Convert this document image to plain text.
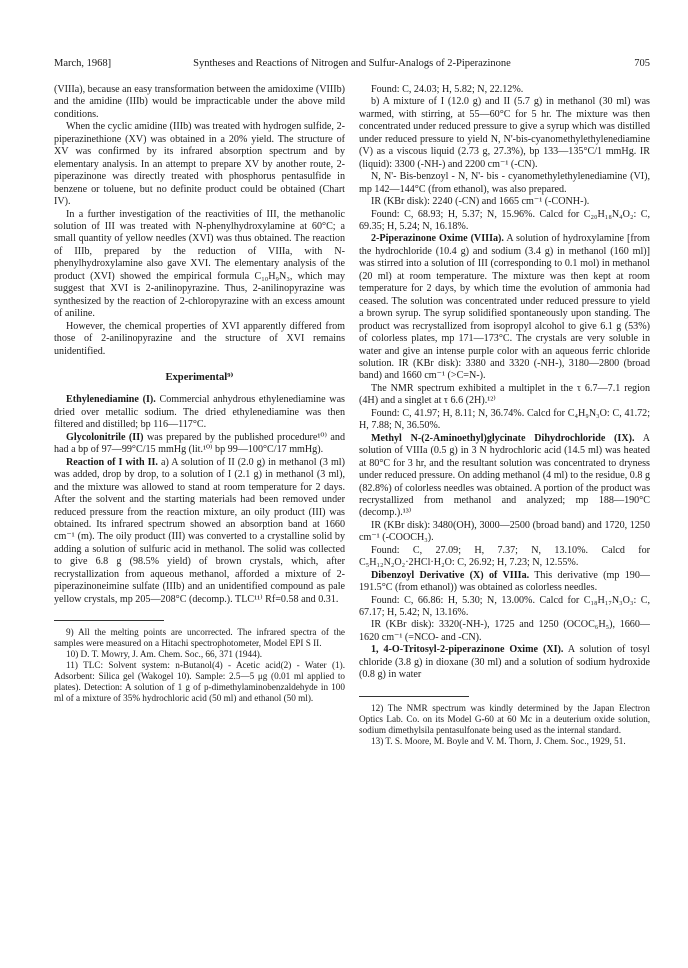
March, 1968]	Syntheses and Reactions of Nitrogen and Sulfur-Analogs of 2-Piperazinone	705

(VIIIa), because an easy transformation between the amidoxime (VIIIb) and the amidine (IIIb) would be impracticable under the above mild conditions.

When the cyclic amidine (IIIb) was treated with hydrogen sulfide, 2-piperazinethione (XV) was obtained in a 20% yield. The structure of XV was confirmed by its infrared absorption spectrum and by elementary analysis. In an attempt to prepare XV by another route, 2-piperazinone was directly treated with phosphorus pentasulfide in benzene or toluene, but no definite product could be obtained (Chart IV).

In a further investigation of the reactivities of III, the methanolic solution of III was treated with N-phenylhydroxylamine at 60°C; a small quantity of yellow needles (XVI) was thus obtained. The reaction of IIIb, prepared by the reduction of VIIIa, with N-phenylhydroxylamine also gave XVI. The elementary analysis of the product (XVI) showed the empirical formula C₁₀H₉N₃, which may suggest that XVI is 2-anilinopyrazine. Thus, 2-anilinopyrazine was synthesized by the reaction of 2-chloropyrazine with an excess amount of aniline.

However, the chemical properties of XVI apparently differed from those of 2-anilinopyrazine and the structure of XVI remains unidentified.

Experimental⁹⁾

Ethylenediamine (I). Commercial anhydrous ethylenediamine was dried over metallic sodium. The dried ethylenediamine was then filtered and distilled; bp 116—117°C.

Glycolonitrile (II) was prepared by the published procedure¹⁰⁾ and had a bp of 97—99°C/15 mmHg (lit.¹⁰⁾ bp 99—100°C/17 mmHg).

Reaction of I with II. a) A solution of II (2.0 g) in methanol (3 ml) was added, drop by drop, to a solution of I (2.1 g) in methanol (3 ml), and the mixture was allowed to stand at room temperature for 2 days. After the solvent and the starting materials had been removed under reduced pressure from the reaction mixture, an oily product (III) was obtained. Its infrared spectrum showed an absorption band at 1660 cm⁻¹ (m). The oily product (III) was converted to a crystalline solid by adding a solution of sulfuric acid in methanol. The solid was collected to give 6.8 g (98.5% yield) of brown crystals, which, after recrystallization from aqueous methanol, afforded a mixture of 2-piperazinoneimine sulfate (IIIb) and an unidentified compound as pale yellow crystals, mp 205—208°C (decomp.). TLC¹¹⁾ Rf=0.58 and 0.31.

9) All the melting points are uncorrected. The infrared spectra of the samples were measured on a Hitachi spectrophotometer, Model EPI S II.

10) D. T. Mowry, J. Am. Chem. Soc., 66, 371 (1944).

11) TLC: Solvent system: n-Butanol(4) - Acetic acid(2) - Water (1). Adsorbent: Silica gel (Wakogel 10). Sample: 2.5—5 μg (0.01 ml applied to plates). Detection: A solution of 1 g of p-dimethylaminobenzaldehyde in 100 ml of a mixture of 35% hydrochloric acid (50 ml) and ethanol (50 ml).

Found: C, 24.03; H, 5.82; N, 22.12%.

b) A mixture of I (12.0 g) and II (5.7 g) in methanol (30 ml) was warmed, with stirring, at 55—60°C for 5 hr. The mixture was then concentrated under reduced pressure to give a syrup which was distilled under reduced pressure to yield N, N'-bis-cyanomethylethylenediamine (V) as a viscous liquid (2.73 g, 27.3%), bp 133—135°C/1 mmHg. IR (liquid): 3300 (-NH-) and 2200 cm⁻¹ (-CN).

N, N'- Bis-benzoyl - N, N'- bis - cyanomethylethylenediamine (VI), mp 142—144°C (from ethanol), was also prepared.

IR (KBr disk): 2240 (-CN) and 1665 cm⁻¹ (-CONH-).

Found: C, 68.93; H, 5.37; N, 15.96%. Calcd for C₂₀H₁₈N₄O₂: C, 69.35; H, 5.24; N, 16.18%.

2-Piperazinone Oxime (VIIIa). A solution of hydroxylamine [from the hydrochloride (10.4 g) and sodium (3.4 g) in methanol (160 ml)] was stirred into a solution of III (corresponding to 0.1 mol) in methanol (20 ml) at room temperature. The mixture was then kept at room temperature for 2 days, by which time the evolution of ammonia had ceased. The solution was concentrated under reduced pressure to yield a brown syrup. The syrup solidified spontaneously upon standing. The product was recrystallized from isopropyl alcohol to give 6.1 g (53%) of colorless plates, mp 171—173°C. The crystals are very soluble in water and give an intense purple color with an aqueous ferric chloride solution. IR (KBr disk): 3380 and 3320 (-NH-), 3180—2800 (broad band) and 1660 cm⁻¹ (>C=N-).

The NMR spectrum exhibited a multiplet in the τ 6.7—7.1 region (4H) and a singlet at τ 6.6 (2H).¹²⁾

Found: C, 41.97; H, 8.11; N, 36.74%. Calcd for C₄H₉N₃O: C, 41.72; H, 7.88; N, 36.50%.

Methyl N-(2-Aminoethyl)glycinate Dihydrochloride (IX). A solution of VIIIa (0.5 g) in 3 N hydrochloric acid (14.5 ml) was heated at 80°C for 3 hr, and the resultant solution was concentrated to dryness under reduced pressure. On adding methanol (4 ml) to the residue, 0.8 g (82.8%) of colorless needles was obtained. A portion of the product was recrystallized from methanol and analyzed; mp 188—190°C (decomp.).¹³⁾

IR (KBr disk): 3480(OH), 3000—2500 (broad band) and 1720, 1250 cm⁻¹ (-COOCH₃).

Found: C, 27.09; H, 7.37; N, 13.10%. Calcd for C₅H₁₂N₂O₂·2HCl·H₂O: C, 26.92; H, 7.23; N, 12.55%.

Dibenzoyl Derivative (X) of VIIIa. This derivative (mp 190—191.5°C (from ethanol)) was obtained as colorless needles.

Found: C, 66.86: H, 5.30; N, 13.00%. Calcd for C₁₈H₁₇N₃O₃: C, 67.17; H, 5.42; N, 13.16%.

IR (KBr disk): 3320(-NH-), 1725 and 1250 (OCOC₆H₅), 1660—1620 cm⁻¹ (=NCO- and -CN).

1, 4-O-Tritosyl-2-piperazinone Oxime (XI). A solution of tosyl chloride (3.8 g) in dioxane (30 ml) and a solution of sodium hydroxide (0.8 g) in water

12) The NMR spectrum was kindly determined by the Japan Electron Optics Lab. Co. on its Model G-60 at 60 Mc in a deuterium oxide solution, sodium dimethylsila pentasulfonate being used as the internal standard.

13) T. S. Moore, M. Boyle and V. M. Thorn, J. Chem. Soc., 1929, 51.
